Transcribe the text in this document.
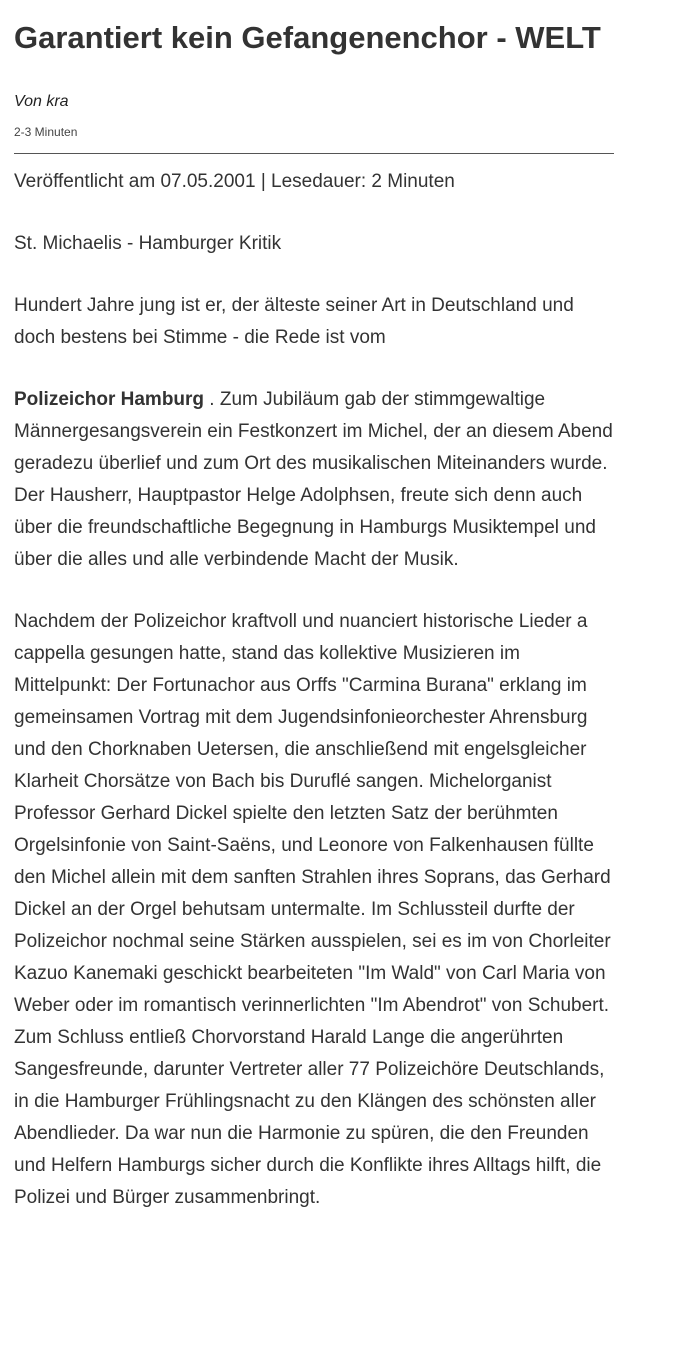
Garantiert kein Gefangenenchor - WELT
Von kra
2-3 Minuten

Veröffentlicht am 07.05.2001 | Lesedauer: 2 Minuten

St. Michaelis - Hamburger Kritik

Hundert Jahre jung ist er, der älteste seiner Art in Deutschland und doch bestens bei Stimme - die Rede ist vom

Polizeichor Hamburg . Zum Jubiläum gab der stimmgewaltige Männergesangsverein ein Festkonzert im Michel, der an diesem Abend geradezu überlief und zum Ort des musikalischen Miteinanders wurde. Der Hausherr, Hauptpastor Helge Adolphsen, freute sich denn auch über die freundschaftliche Begegnung in Hamburgs Musiktempel und über die alles und alle verbindende Macht der Musik.

Nachdem der Polizeichor kraftvoll und nuanciert historische Lieder a cappella gesungen hatte, stand das kollektive Musizieren im Mittelpunkt: Der Fortunachor aus Orffs "Carmina Burana" erklang im gemeinsamen Vortrag mit dem Jugendsinfonieorchester Ahrensburg und den Chorknaben Uetersen, die anschließend mit engelsgleicher Klarheit Chorsätze von Bach bis Duruflé sangen. Michelorganist Professor Gerhard Dickel spielte den letzten Satz der berühmten Orgelsinfonie von Saint-Saëns, und Leonore von Falkenhausen füllte den Michel allein mit dem sanften Strahlen ihres Soprans, das Gerhard Dickel an der Orgel behutsam untermalte. Im Schlussteil durfte der Polizeichor nochmal seine Stärken ausspielen, sei es im von Chorleiter Kazuo Kanemaki geschickt bearbeiteten "Im Wald" von Carl Maria von Weber oder im romantisch verinnerlichten "Im Abendrot" von Schubert. Zum Schluss entließ Chorvorstand Harald Lange die angerührten Sangesfreunde, darunter Vertreter aller 77 Polizeichöre Deutschlands, in die Hamburger Frühlingsnacht zu den Klängen des schönsten aller Abendlieder. Da war nun die Harmonie zu spüren, die den Freunden und Helfern Hamburgs sicher durch die Konflikte ihres Alltags hilft, die Polizei und Bürger zusammenbringt.
